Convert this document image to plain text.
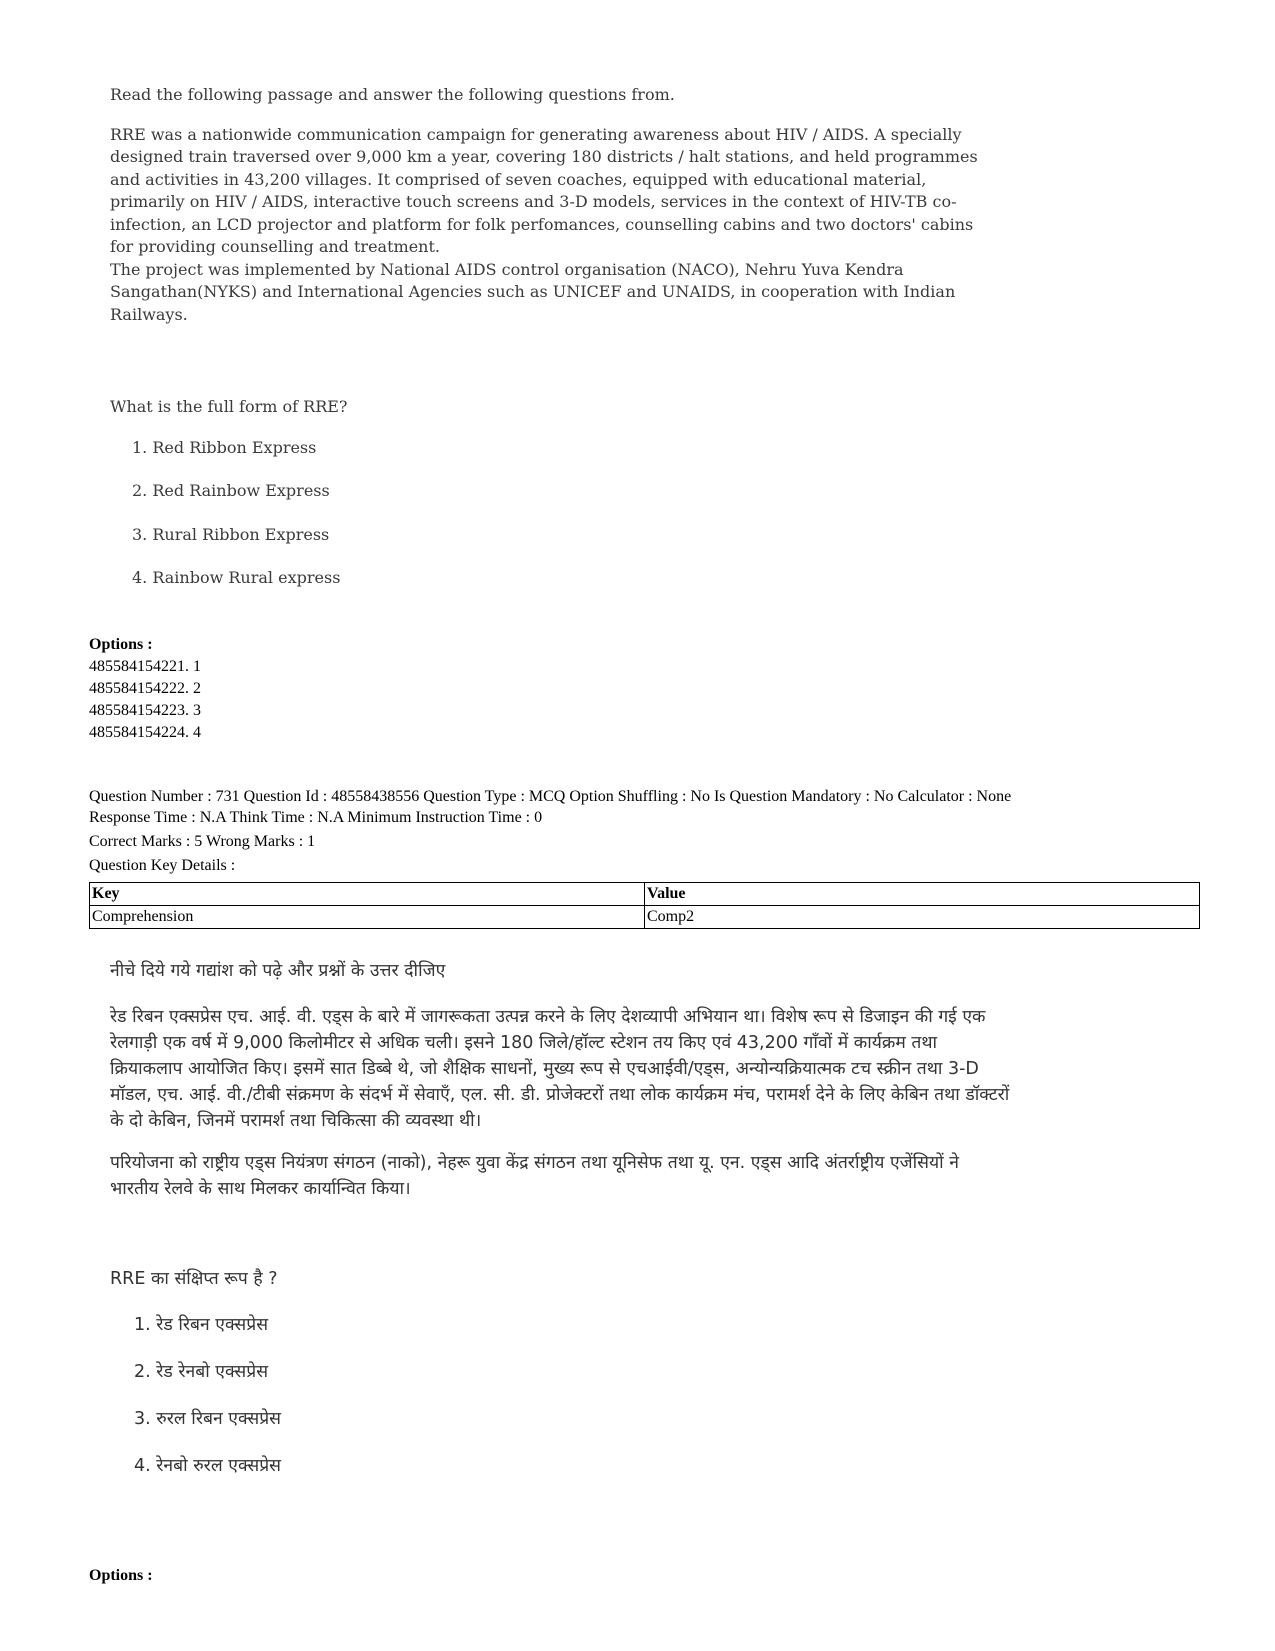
Read the following passage and answer the following questions from.

RRE was a nationwide communication campaign for generating awareness about HIV / AIDS. A specially designed train traversed over 9,000 km a year, covering 180 districts / halt stations, and held programmes and activities in 43,200 villages. It comprised of seven coaches, equipped with educational material, primarily on HIV / AIDS, interactive touch screens and 3-D models, services in the context of HIV-TB co-infection, an LCD projector and platform for folk perfomances, counselling cabins and two doctors' cabins for providing counselling and treatment.

The project was implemented by National AIDS control organisation (NACO), Nehru Yuva Kendra Sangathan(NYKS) and International Agencies such as UNICEF and UNAIDS, in cooperation with Indian Railways.

What is the full form of RRE?

1. Red Ribbon Express

2. Red Rainbow Express

3. Rural Ribbon Express

4. Rainbow Rural express

Options :
485584154221. 1
485584154222. 2
485584154223. 3
485584154224. 4
Question Number : 731 Question Id : 48558438556 Question Type : MCQ Option Shuffling : No Is Question Mandatory : No Calculator : None
Response Time : N.A Think Time : N.A Minimum Instruction Time : 0
Correct Marks : 5 Wrong Marks : 1
Question Key Details :
Key	Value
Comprehension	Comp2

नीचे दिये गये गद्यांश को पढ़े और प्रश्नों के उत्तर दीजिए

रेड रिबन एक्सप्रेस एच. आई. वी. एड्स के बारे में जागरूकता उत्पन्न करने के लिए देशव्यापी अभियान था। विशेष रूप से डिजाइन की गई एक रेलगाड़ी एक वर्ष में 9,000 किलोमीटर से अधिक चली। इसने 180 जिले/हॉल्ट स्टेशन तय किए एवं 43,200 गाँवों में कार्यक्रम तथा क्रियाकलाप आयोजित किए। इसमें सात डिब्बे थे, जो शैक्षिक साधनों, मुख्य रूप से एचआईवी/एड्स, अन्योन्यक्रियात्मक टच स्क्रीन तथा 3-D मॉडल, एच. आई. वी./टीबी संक्रमण के संदर्भ में सेवाएँ, एल. सी. डी. प्रोजेक्टरों तथा लोक कार्यक्रम मंच, परामर्श देने के लिए केबिन तथा डॉक्टरों के दो केबिन, जिनमें परामर्श तथा चिकित्सा की व्यवस्था थी।

परियोजना को राष्ट्रीय एड्स नियंत्रण संगठन (नाको), नेहरू युवा केंद्र संगठन तथा यूनिसेफ तथा यू. एन. एड्स आदि अंतर्राष्ट्रीय एजेंसियों ने भारतीय रेलवे के साथ मिलकर कार्यान्वित किया।

RRE का संक्षिप्त रूप है ?

1. रेड रिबन एक्सप्रेस

2. रेड रेनबो एक्सप्रेस

3. रुरल रिबन एक्सप्रेस

4. रेनबो रुरल एक्सप्रेस

Options :
